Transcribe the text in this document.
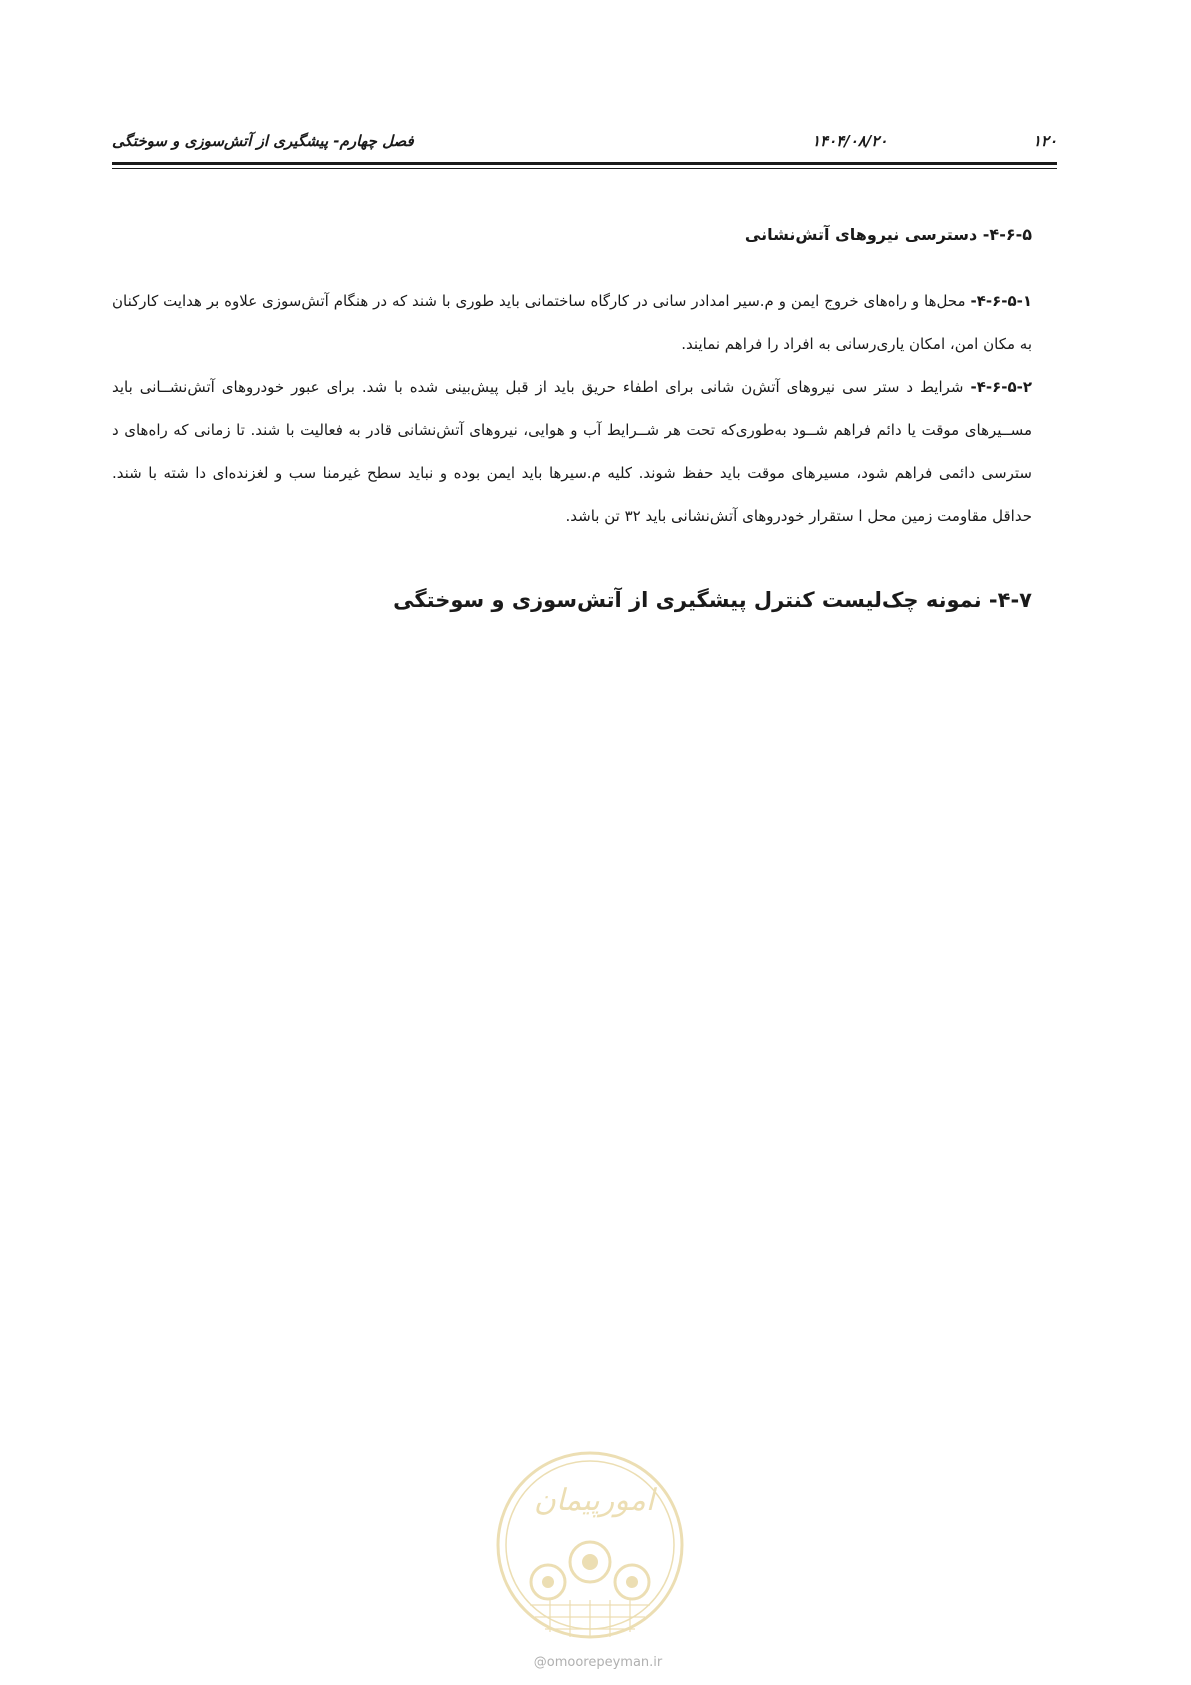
فصل چهارم- پیشگیری از آتش‌سوزی و سوختگی	۱۴۰۴/۰۸/۲۰	۱۲۰
۴-۶-۵- دسترسی نیروهای آتش‌نشانی

۴-۶-۵-۱- محل‌ها و راه‌های خروج ایمن و م.سیر امدادر سانی در کارگاه ساختمانی باید طوری با شند که در هنگام آتش‌سوزی علاوه بر هدایت کارکنان به مکان امن، امکان یاری‌رسانی به افراد را فراهم نمایند.

۴-۶-۵-۲- شرایط د ستر سی نیروهای آتش‌ن شانی برای اطفاء حریق باید از قبل پیش‌بینی شده با شد. برای عبور خودروهای آتش‌نشــانی باید مســیرهای موقت یا دائم فراهم شــود به‌طوری‌که تحت هر شــرایط آب و هوایی، نیروهای آتش‌نشانی قادر به فعالیت با شند. تا زمانی که راه‌های د سترسی دائمی فراهم شود، مسیرهای موقت باید حفظ شوند. کلیه م.سیرها باید ایمن بوده و نباید سطح غیرمنا سب و لغزنده‌ای دا شته با شند. حداقل مقاومت زمین محل ا ستقرار خودروهای آتش‌نشانی باید ۳۲ تن باشد.

۴-۷- نمونه چک‌لیست کنترل پیشگیری از آتش‌سوزی و سوختگی
امورپیمان
@omoorepeyman.ir
